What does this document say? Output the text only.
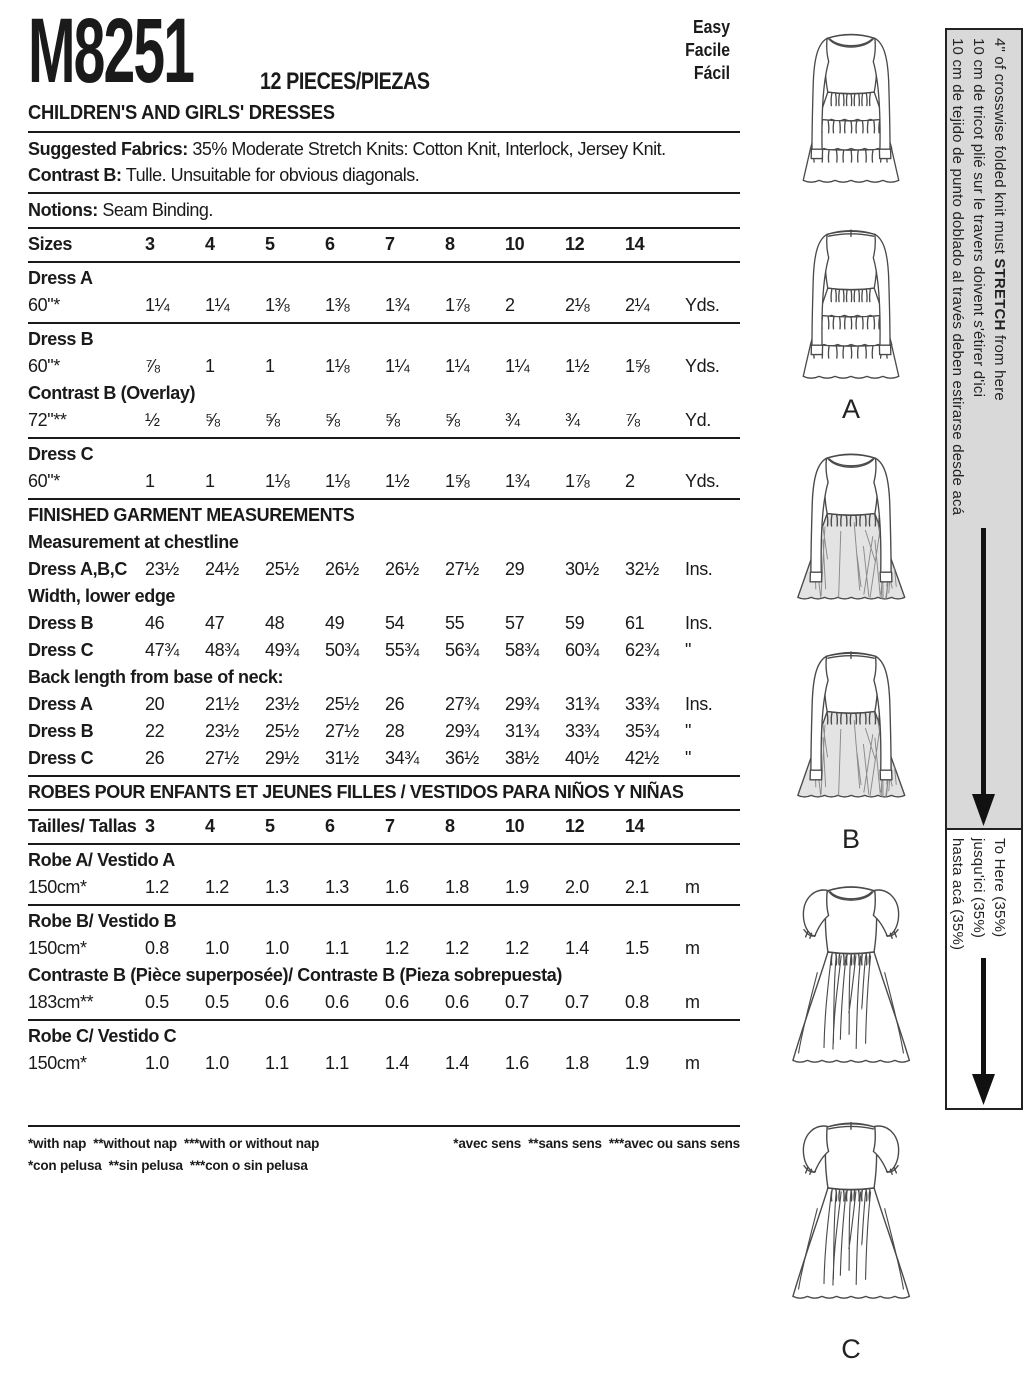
M8251	12 PIECES/PIEZAS
Easy
Facile
Fácil
CHILDREN'S AND GIRLS' DRESSES
Suggested Fabrics: 35% Moderate Stretch Knits: Cotton Knit, Interlock, Jersey Knit.
Contrast B: Tulle. Unsuitable for obvious diagonals.
Notions: Seam Binding.
Sizes	3	4	5	6	7	8	10	12	14
Dress A
60"*	1¼	1¼	1⅜	1⅜	1¾	1⅞	2	2⅛	2¼	Yds.
Dress B
60"*	⅞	1	1	1⅛	1¼	1¼	1¼	1½	1⅝	Yds.
Contrast B (Overlay)
72"**	½	⅝	⅝	⅝	⅝	⅝	¾	¾	⅞	Yd.
Dress C
60"*	1	1	1⅛	1⅛	1½	1⅝	1¾	1⅞	2	Yds.
FINISHED GARMENT MEASUREMENTS
Measurement at chestline
Dress A,B,C	23½	24½	25½	26½	26½	27½	29	30½	32½	Ins.
Width, lower edge
Dress B	46	47	48	49	54	55	57	59	61	Ins.
Dress C	47¾	48¾	49¾	50¾	55¾	56¾	58¾	60¾	62¾	"
Back length from base of neck:
Dress A	20	21½	23½	25½	26	27¾	29¾	31¾	33¾	Ins.
Dress B	22	23½	25½	27½	28	29¾	31¾	33¾	35¾	"
Dress C	26	27½	29½	31½	34¾	36½	38½	40½	42½	"
ROBES POUR ENFANTS ET JEUNES FILLES / VESTIDOS PARA NIÑOS Y NIÑAS
Tailles/ Tallas 3	4	5	6	7	8	10	12	14
Robe A/ Vestido A
150cm*	1.2	1.2	1.3	1.3	1.6	1.8	1.9	2.0	2.1	m
Robe B/ Vestido B
150cm*	0.8	1.0	1.0	1.1	1.2	1.2	1.2	1.4	1.5	m
Contraste B (Pièce superposée)/ Contraste B (Pieza sobrepuesta)
183cm**	0.5	0.5	0.6	0.6	0.6	0.6	0.7	0.7	0.8	m
Robe C/ Vestido C
150cm*	1.0	1.0	1.1	1.1	1.4	1.4	1.6	1.8	1.9	m
*with nap  **without nap  ***with or without nap
*con pelusa  **sin pelusa  ***con o sin pelusa
*avec sens  **sans sens  ***avec ou sans sens
A
B
C
4" of crosswise folded knit must STRETCH from here
10 cm de tricot plié sur le travers doivent s'étirer d'ici
10 cm de tejido de punto doblado al través deben estirarse desde acá
To Here (35%)
jusqu'ici (35%)
hasta acá (35%)
